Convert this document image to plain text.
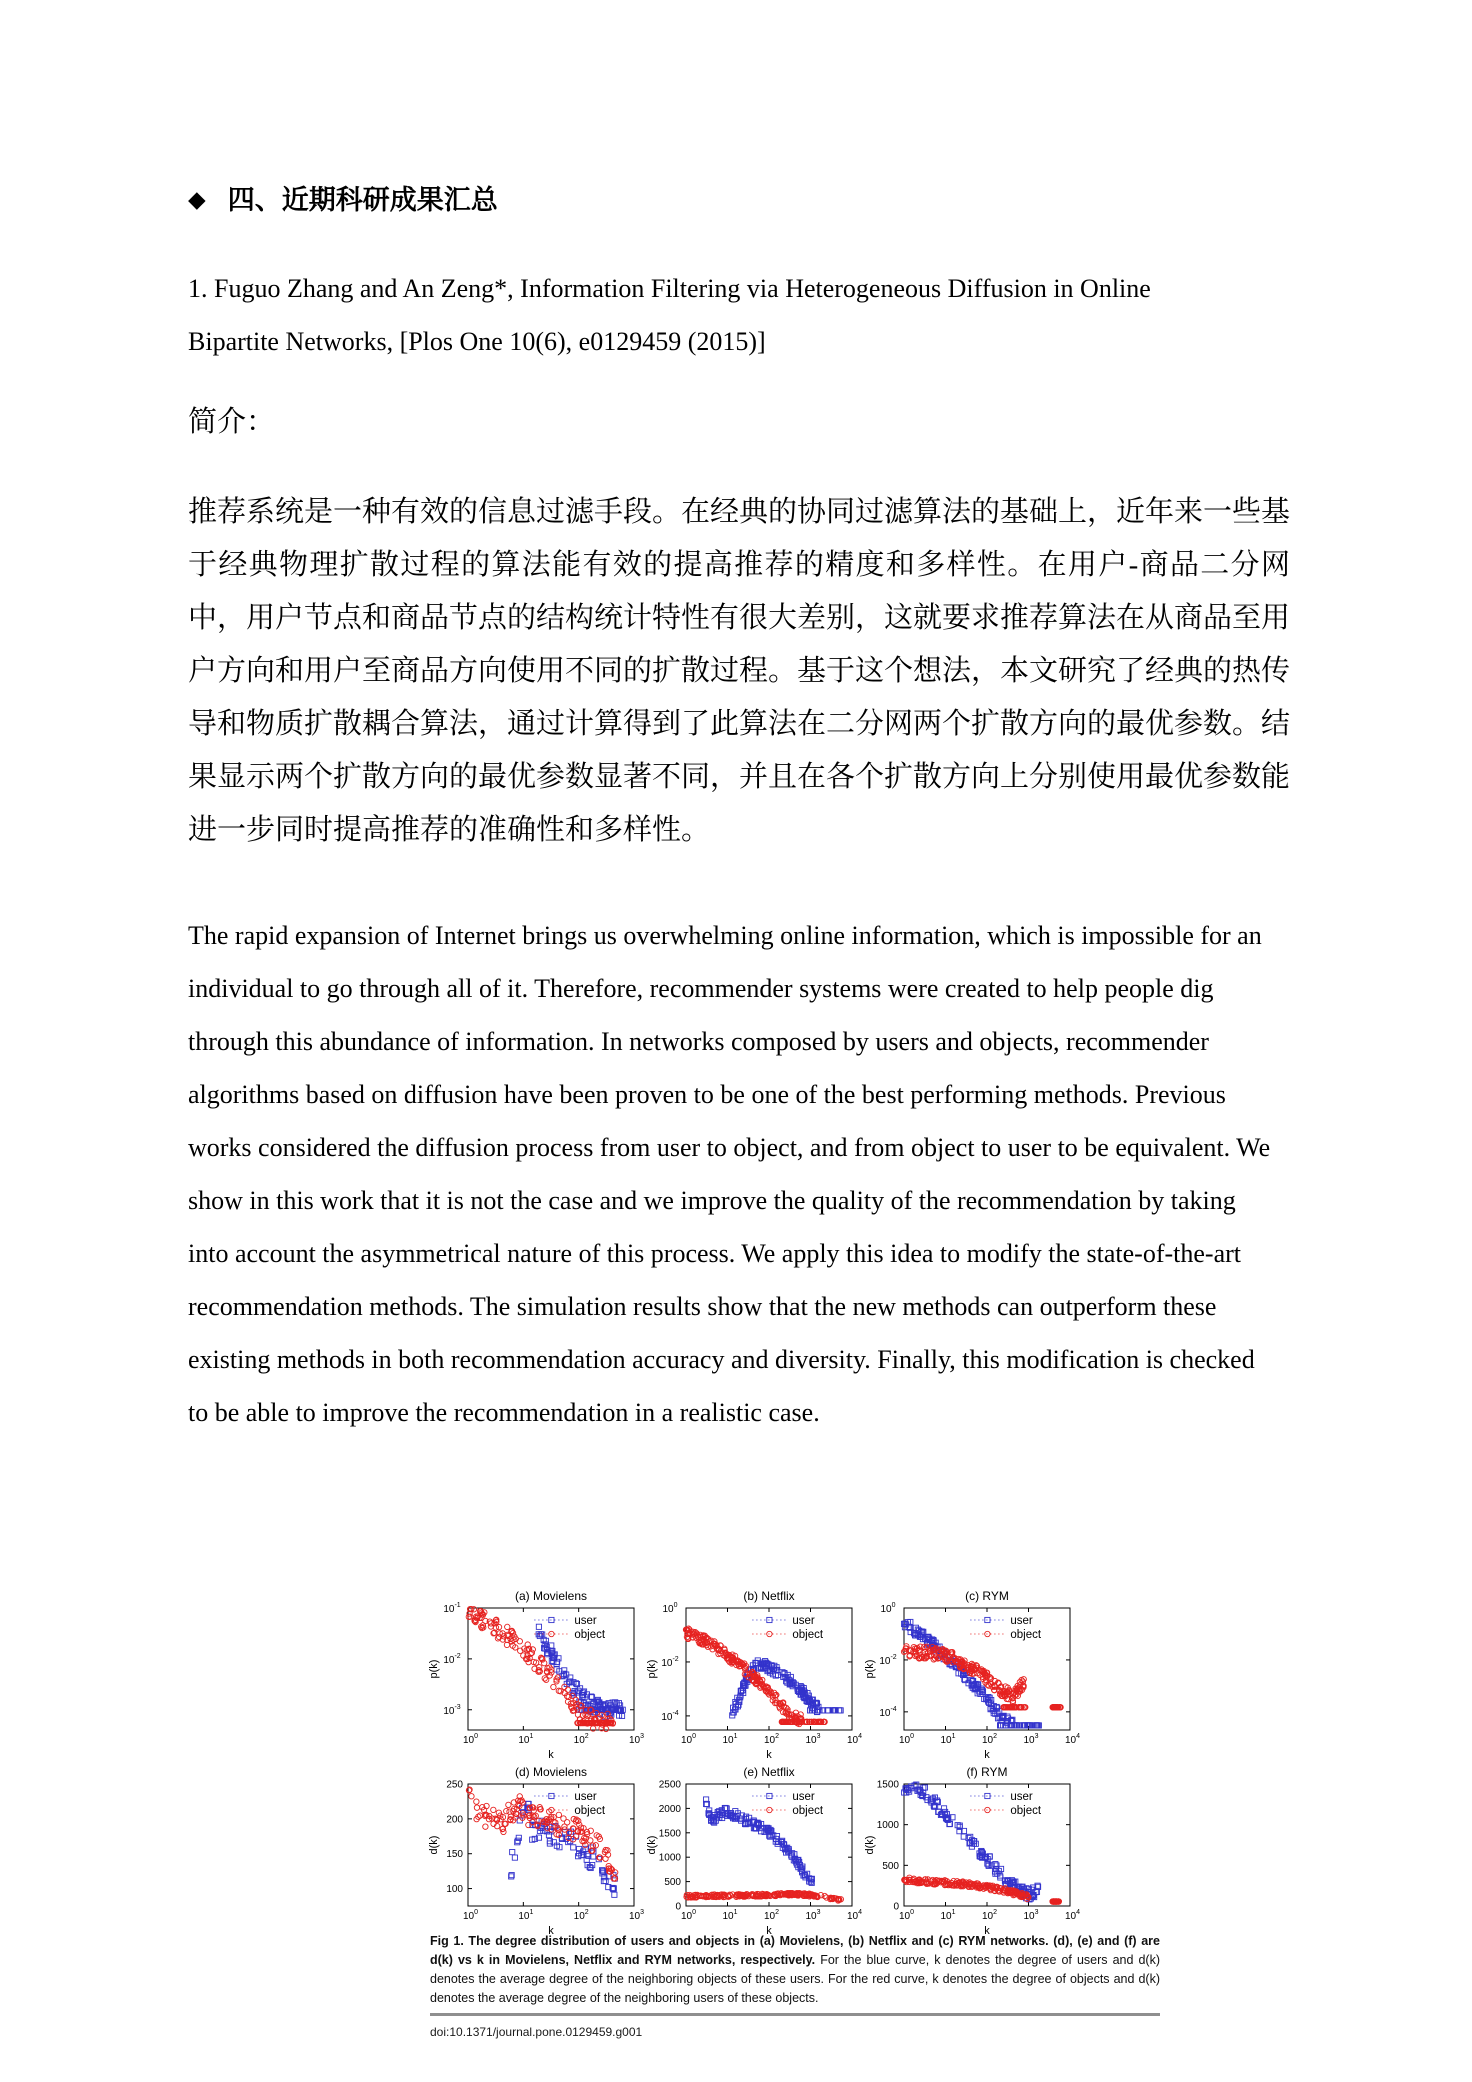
◆ 四、近期科研成果汇总
1. Fuguo Zhang and An Zeng*, Information Filtering via Heterogeneous Diffusion in Online Bipartite Networks, [Plos One 10(6), e0129459 (2015)]
简介：
推荐系统是一种有效的信息过滤手段。在经典的协同过滤算法的基础上，近年来一些基于经典物理扩散过程的算法能有效的提高推荐的精度和多样性。在用户-商品二分网中，用户节点和商品节点的结构统计特性有很大差别，这就要求推荐算法在从商品至用户方向和用户至商品方向使用不同的扩散过程。基于这个想法，本文研究了经典的热传导和物质扩散耦合算法，通过计算得到了此算法在二分网两个扩散方向的最优参数。结果显示两个扩散方向的最优参数显著不同，并且在各个扩散方向上分别使用最优参数能进一步同时提高推荐的准确性和多样性。
The rapid expansion of Internet brings us overwhelming online information, which is impossible for an individual to go through all of it. Therefore, recommender systems were created to help people dig through this abundance of information. In networks composed by users and objects, recommender algorithms based on diffusion have been proven to be one of the best performing methods. Previous works considered the diffusion process from user to object, and from object to user to be equivalent. We show in this work that it is not the case and we improve the quality of the recommendation by taking into account the asymmetrical nature of this process. We apply this idea to modify the state-of-the-art recommendation methods. The simulation results show that the new methods can outperform these existing methods in both recommendation accuracy and diversity. Finally, this modification is checked to be able to improve the recommendation in a realistic case.
$10^0$	$10^1$	$10^2$	$10^3$
$10^{-1}$
$10^{-2}$
$10^{-3}$
(a) Movielens
p(k)
k
user
object
$10^0$	$10^1$	$10^2$	$10^3$	$10^4$
$10^0$
$10^{-2}$
$10^{-4}$
(b) Netflix
p(k)
k
user
object
$10^0$	$10^1$	$10^2$	$10^3$	$10^4$
$10^0$
$10^{-2}$
$10^{-4}$
(c) RYM
p(k)
k
user
object
$10^0$	$10^1$	$10^2$	$10^3$
100
150
200
250
(d) Movielens
d(k)
k
user
object
$10^0$	$10^1$	$10^2$	$10^3$	$10^4$
0
500
1000
1500
2000
2500
(e) Netflix
d(k)
k
user
object
$10^0$	$10^1$	$10^2$	$10^3$	$10^4$
0
500
1000
1500
(f) RYM
d(k)
k
user
object
Fig 1. The degree distribution of users and objects in (a) Movielens, (b) Netflix and (c) RYM networks. (d), (e) and (f) are d(k) vs k in Movielens, Netflix and RYM networks, respectively. For the blue curve, k denotes the degree of users and d(k) denotes the average degree of the neighboring objects of these users. For the red curve, k denotes the degree of objects and d(k) denotes the average degree of the neighboring users of these objects.
doi:10.1371/journal.pone.0129459.g001
